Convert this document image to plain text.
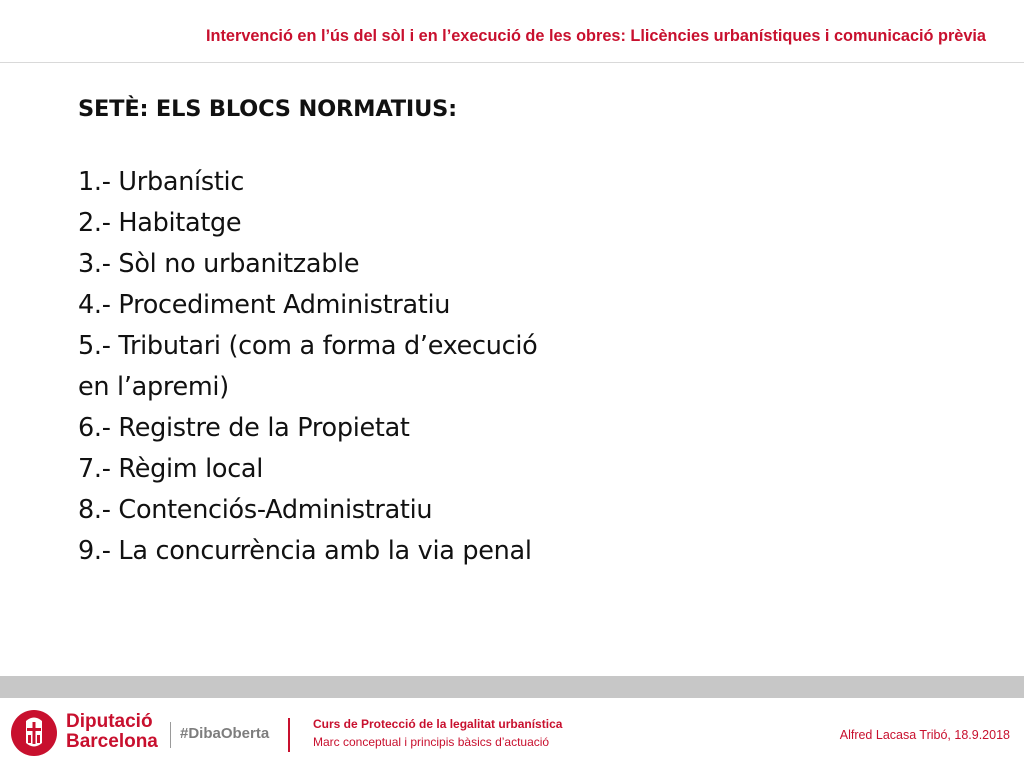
Intervenció en l’ús del sòl i en l’execució de les obres: Llicències urbanístiques i comunicació prèvia
SETÈ: ELS BLOCS NORMATIUS:
1.- Urbanístic
2.- Habitatge
3.- Sòl no urbanitzable
4.- Procediment Administratiu
5.- Tributari (com a forma d’execució
en l’apremi)
6.- Registre de la Propietat
7.- Règim local
8.- Contenciós-Administratiu
9.- La concurrència amb la via penal
Diputació
Barcelona #DibaOberta
Curs de Protecció de la legalitat urbanística
Marc conceptual i principis bàsics d’actuació	Alfred Lacasa Tribó, 18.9.2018
